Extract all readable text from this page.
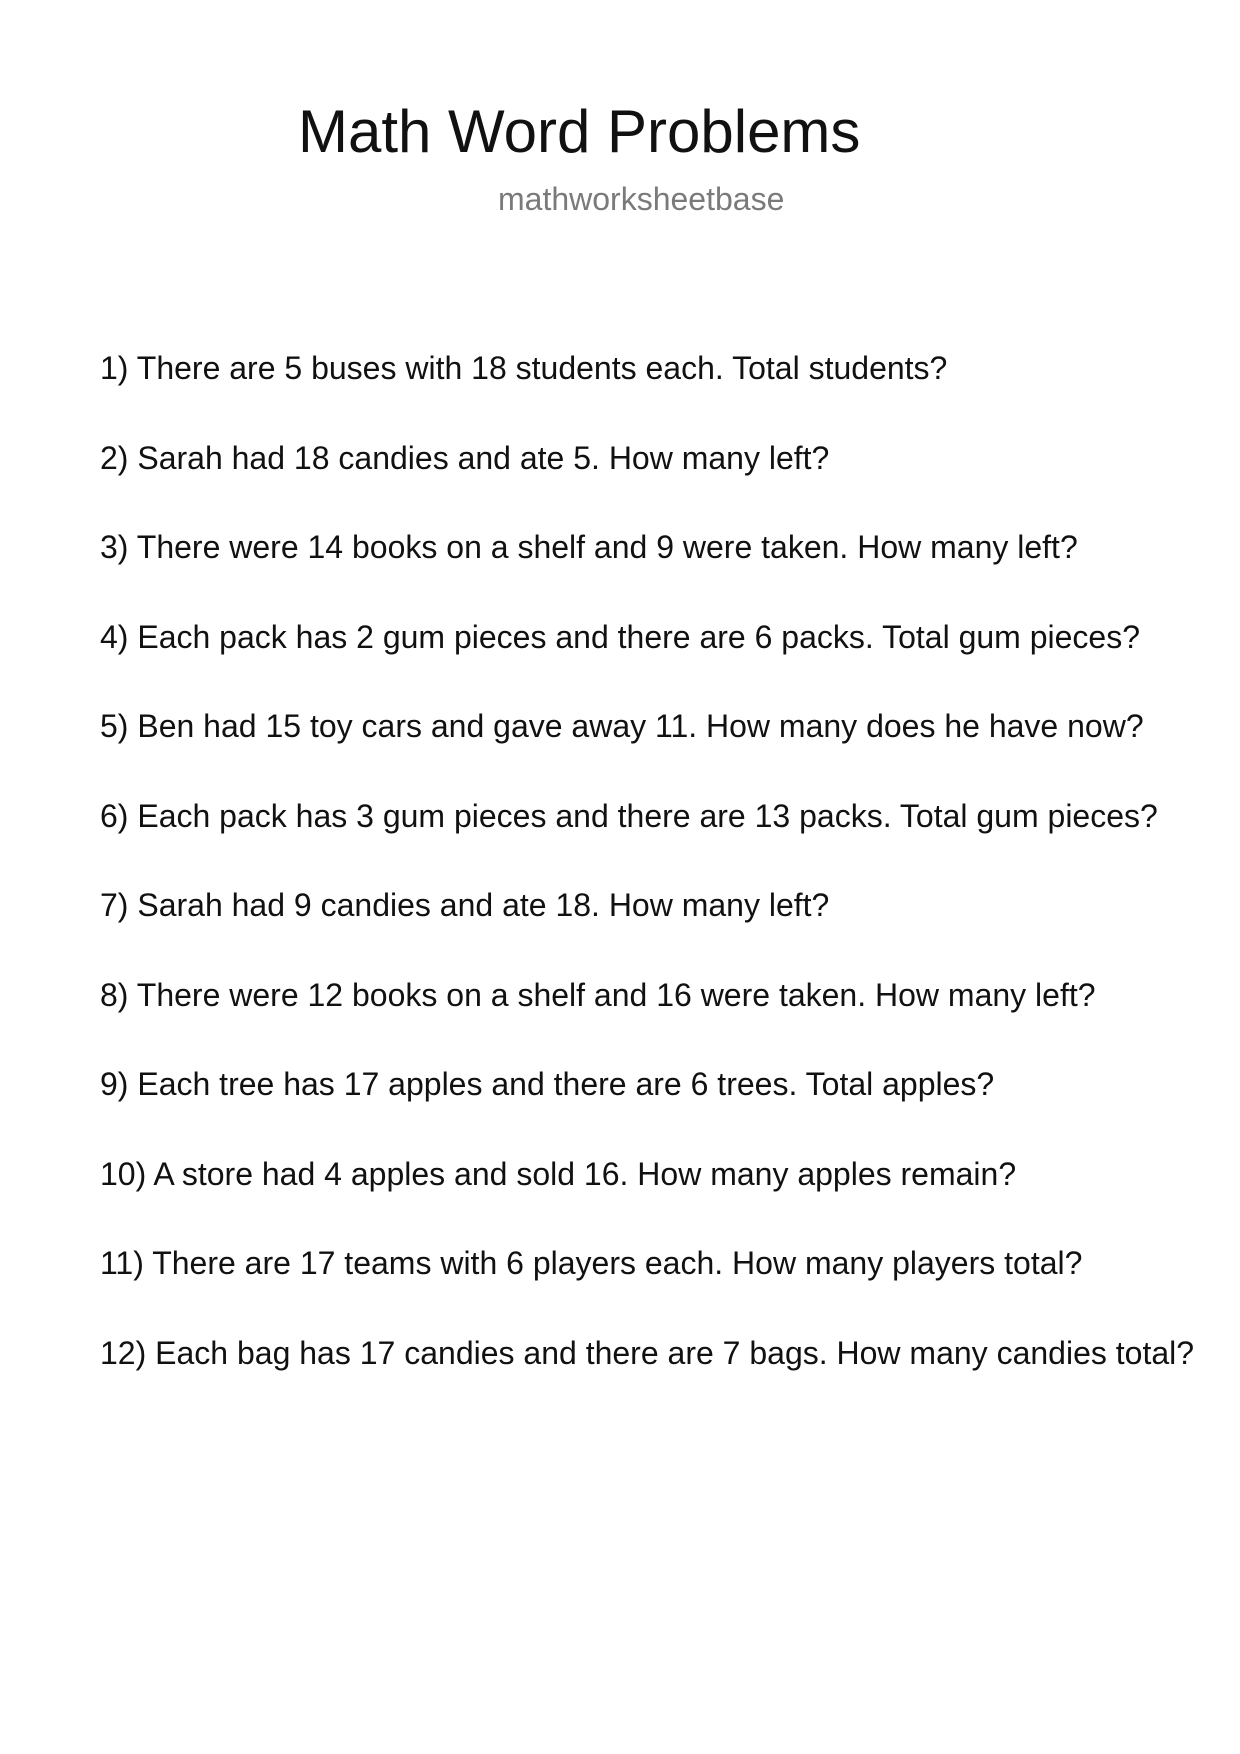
Math Word Problems
mathworksheetbase
1) There are 5 buses with 18 students each. Total students?
2) Sarah had 18 candies and ate 5. How many left?
3) There were 14 books on a shelf and 9 were taken. How many left?
4) Each pack has 2 gum pieces and there are 6 packs. Total gum pieces?
5) Ben had 15 toy cars and gave away 11. How many does he have now?
6) Each pack has 3 gum pieces and there are 13 packs. Total gum pieces?
7) Sarah had 9 candies and ate 18. How many left?
8) There were 12 books on a shelf and 16 were taken. How many left?
9) Each tree has 17 apples and there are 6 trees. Total apples?
10) A store had 4 apples and sold 16. How many apples remain?
11) There are 17 teams with 6 players each. How many players total?
12) Each bag has 17 candies and there are 7 bags. How many candies total?
